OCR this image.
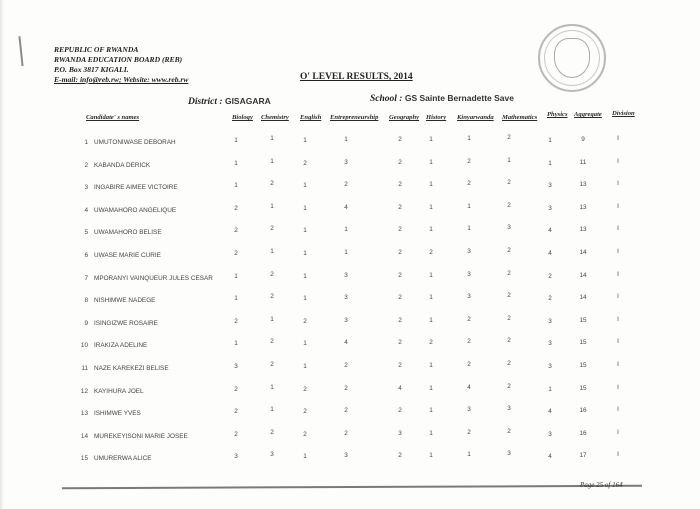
REPUBLIC OF RWANDA
RWANDA EDUCATION BOARD (REB)
P.O. Box 3817 KIGALI.
E-mail: info@reb.rw; Website: www.reb.rw	O' LEVEL RESULTS, 2014
District : GISAGARA	School : GS Sainte Bernadette Save
Candidate' s names	Biology Chemistry English Entrepreneurship Geography History Kinyarwanda Mathematics Physics Aggregate Division
1 UMUTONIWASE DEBORAH	1	1	1	1	2	1	1	2	1	9	I
2 KABANDA DERICK	1	1	2	3	2	1	2	1	1	11	I
3 INGABIRE AIMEE VICTOIRE	1	2	1	2	2	1	2	2	3	13	I
4 UWAMAHORO ANGELIQUE	2	1	1	4	2	1	1	2	3	13	I
5 UWAMAHORO BELISE	2	2	1	1	2	1	1	3	4	13	I
6 UWASE MARIE CURIE	2	1	1	1	2	2	3	2	4	14	I
7 MPORANYI VAINQUEUR JULES CESAR	1	2	1	3	2	1	3	2	2	14	I
8 NISHIMWE NADEGE	1	2	1	3	2	1	3	2	2	14	I
9 ISINGIZWE ROSAIRE	2	1	2	3	2	1	2	2	3	15	I
10 IRAKIZA ADELINE	1	2	1	4	2	2	2	2	3	15	I
11 NAZE KAREKEZI BELISE	3	2	1	2	2	1	2	2	3	15	I
12 KAYIHURA JOEL	2	1	2	2	4	1	4	2	1	15	I
13 ISHIMWE YVES	2	1	2	2	2	1	3	3	4	16	I
14 MUREKEYISONI MARIE JOSEE	2	2	2	2	3	1	2	2	3	16	I
15 UMURERWA ALICE	3	3	1	3	2	1	1	3	4	17	I
Page 25 of 164
